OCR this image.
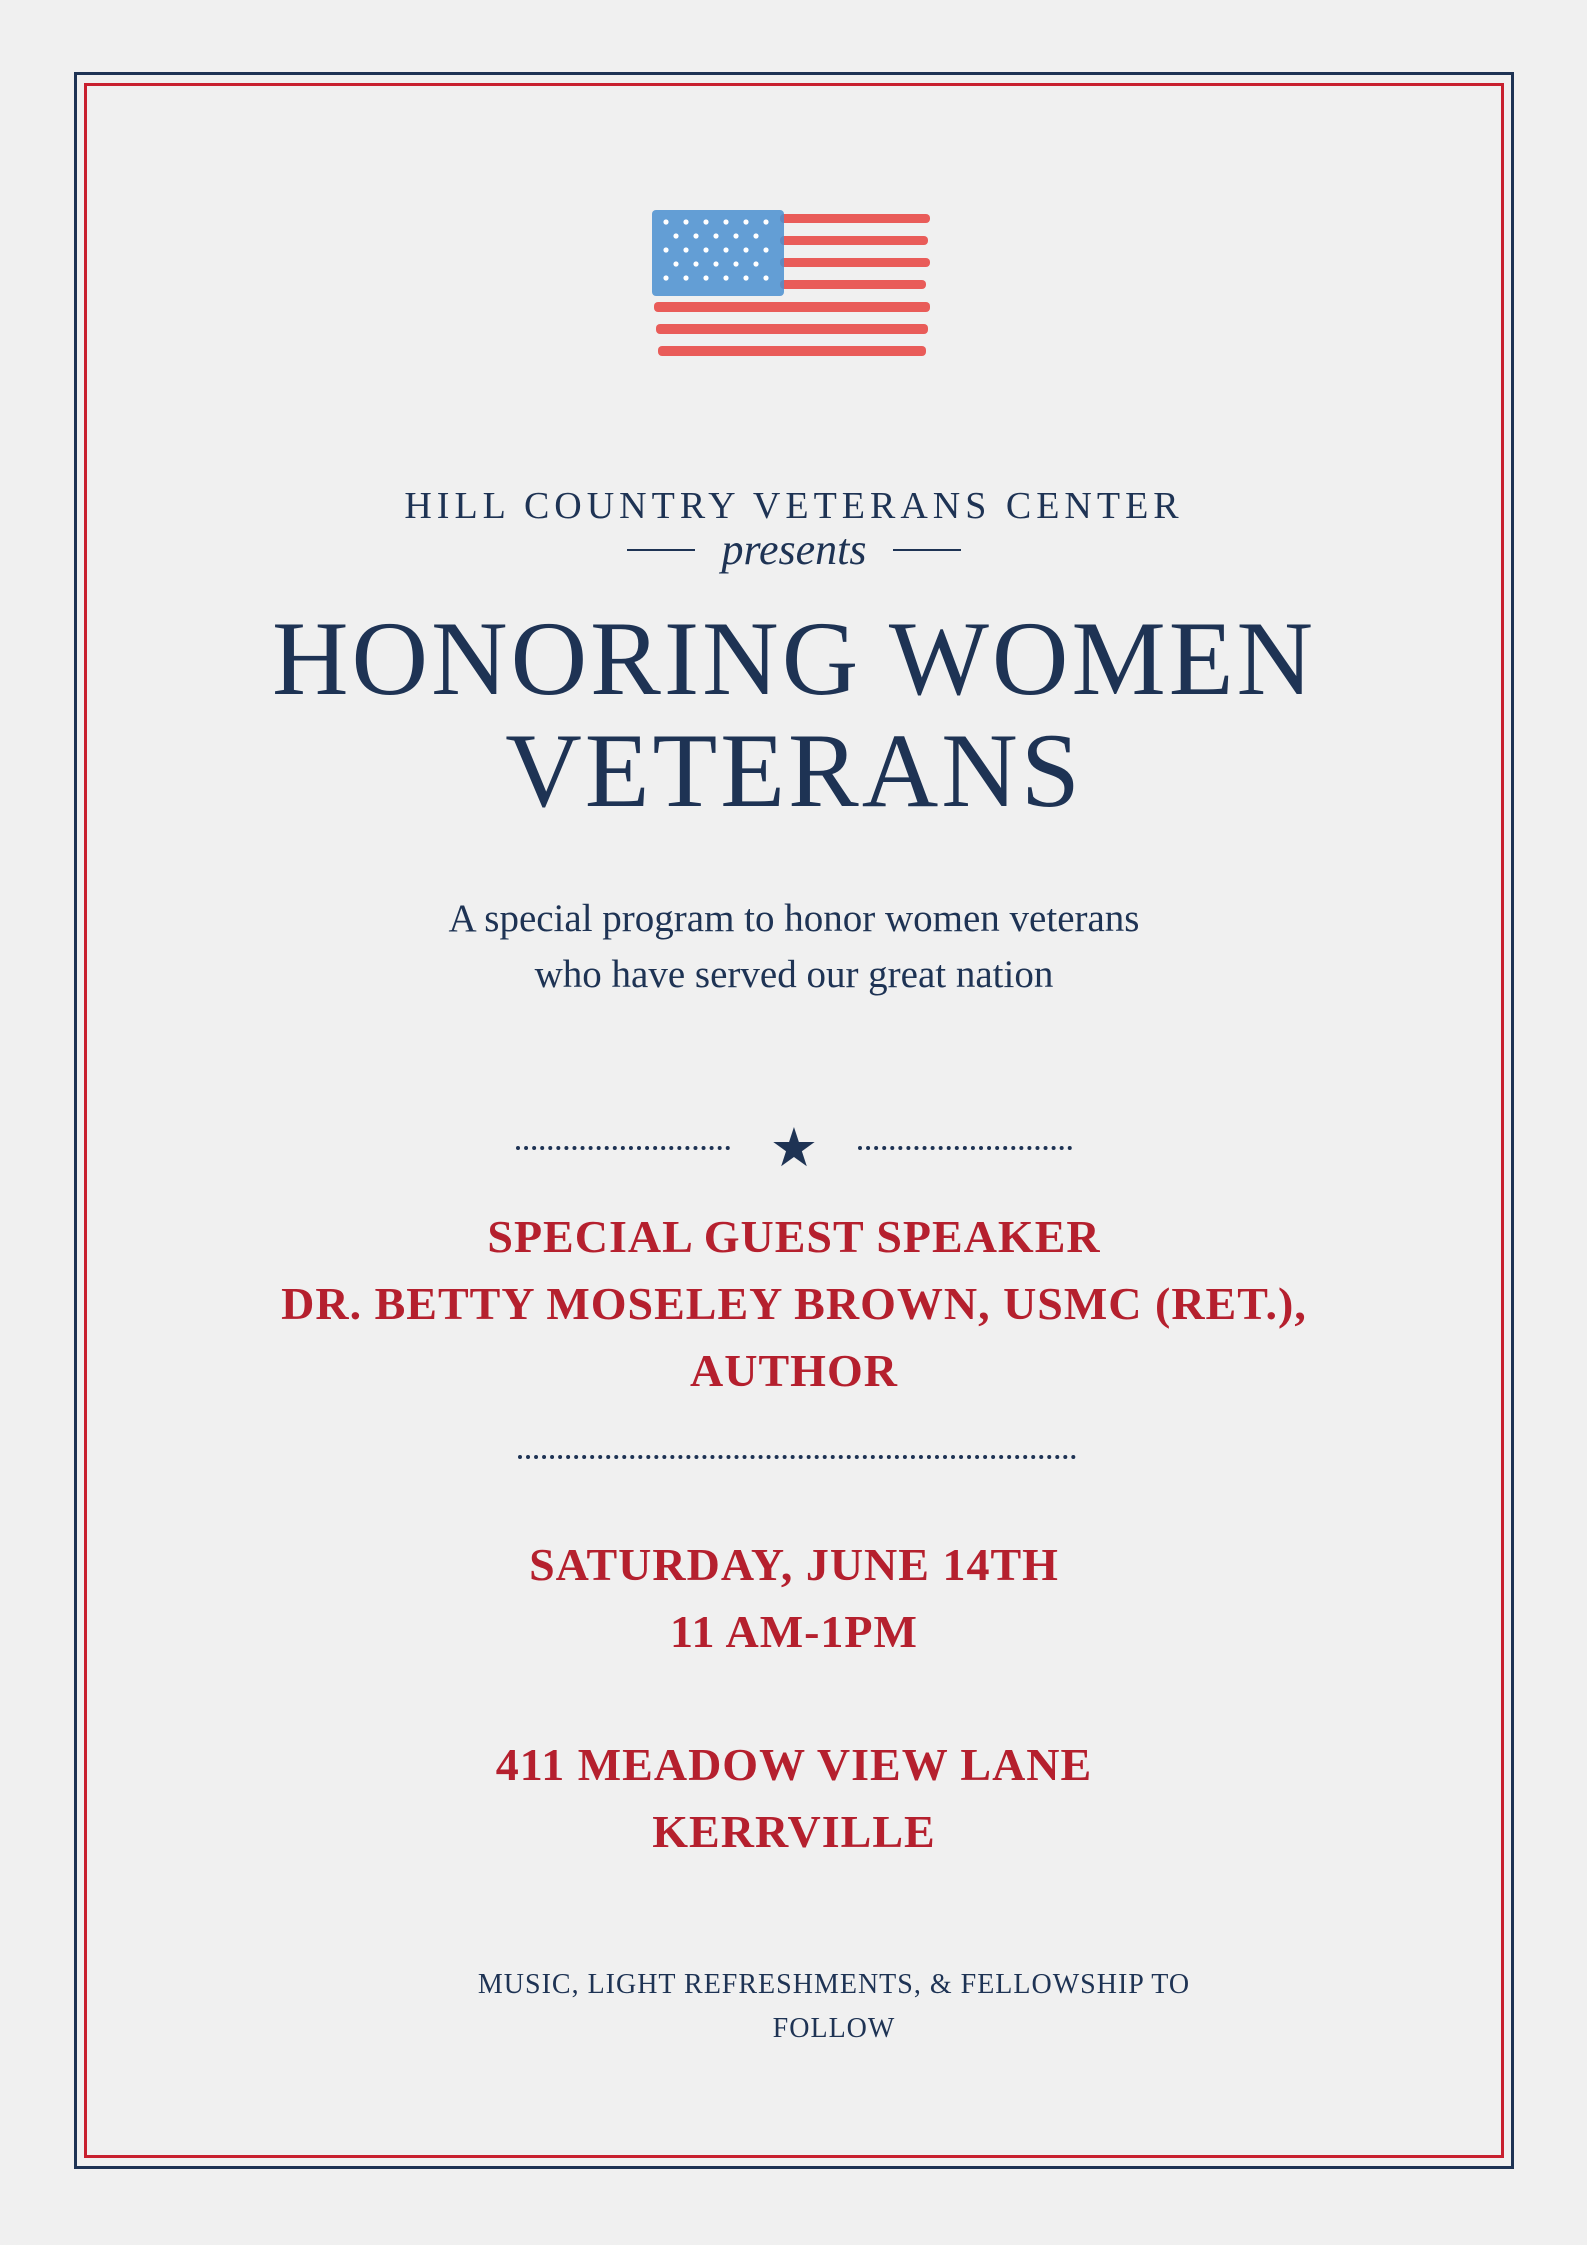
HILL COUNTRY VETERANS CENTER
presents
HONORING WOMEN
VETERANS
A special program to honor women veterans
who have served our great nation
★
SPECIAL GUEST SPEAKER
DR. BETTY MOSELEY BROWN, USMC (RET.),
AUTHOR
SATURDAY, JUNE 14TH
11 AM-1PM
411 MEADOW VIEW LANE
KERRVILLE
MUSIC, LIGHT REFRESHMENTS, & FELLOWSHIP TO
FOLLOW
